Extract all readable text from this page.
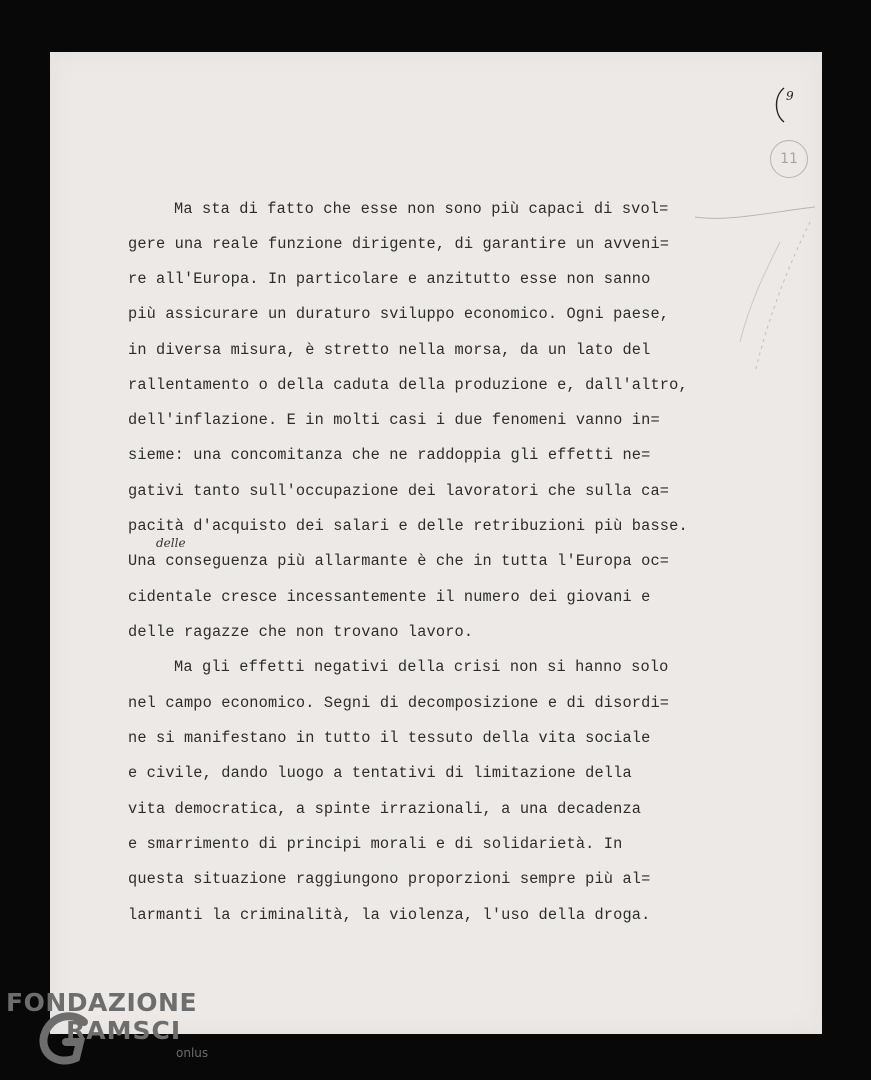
Ma sta di fatto che esse non sono più capaci di svol=
gere una reale funzione dirigente, di garantire un avveni=
re all'Europa. In particolare e anzitutto esse non sanno
più assicurare un duraturo sviluppo economico. Ogni paese,
in diversa misura, è stretto nella morsa, da un lato del
rallentamento o della caduta della produzione e, dall'altro,
dell'inflazione. E in molti casi i due fenomeni vanno in=
sieme: una concomitanza che ne raddoppia gli effetti ne=
gativi tanto sull'occupazione dei lavoratori che sulla ca=
pacità d'acquisto dei salari e delle retribuzioni più basse.
Una conseguenza più allarmante è che in tutta l'Europa oc=
cidentale cresce incessantemente il numero dei giovani e
delle ragazze che non trovano lavoro.
Ma gli effetti negativi della crisi non si hanno solo
nel campo economico. Segni di decomposizione e di disordi=
ne si manifestano in tutto il tessuto della vita sociale
e civile, dando luogo a tentativi di limitazione della
vita democratica, a spinte irrazionali, a una decadenza
e smarrimento di principi morali e di solidarietà. In
questa situazione raggiungono proporzioni sempre più al=
larmanti la criminalità, la violenza, l'uso della droga.
delle
9
11
FONDAZIONE
RAMSCI
onlus
